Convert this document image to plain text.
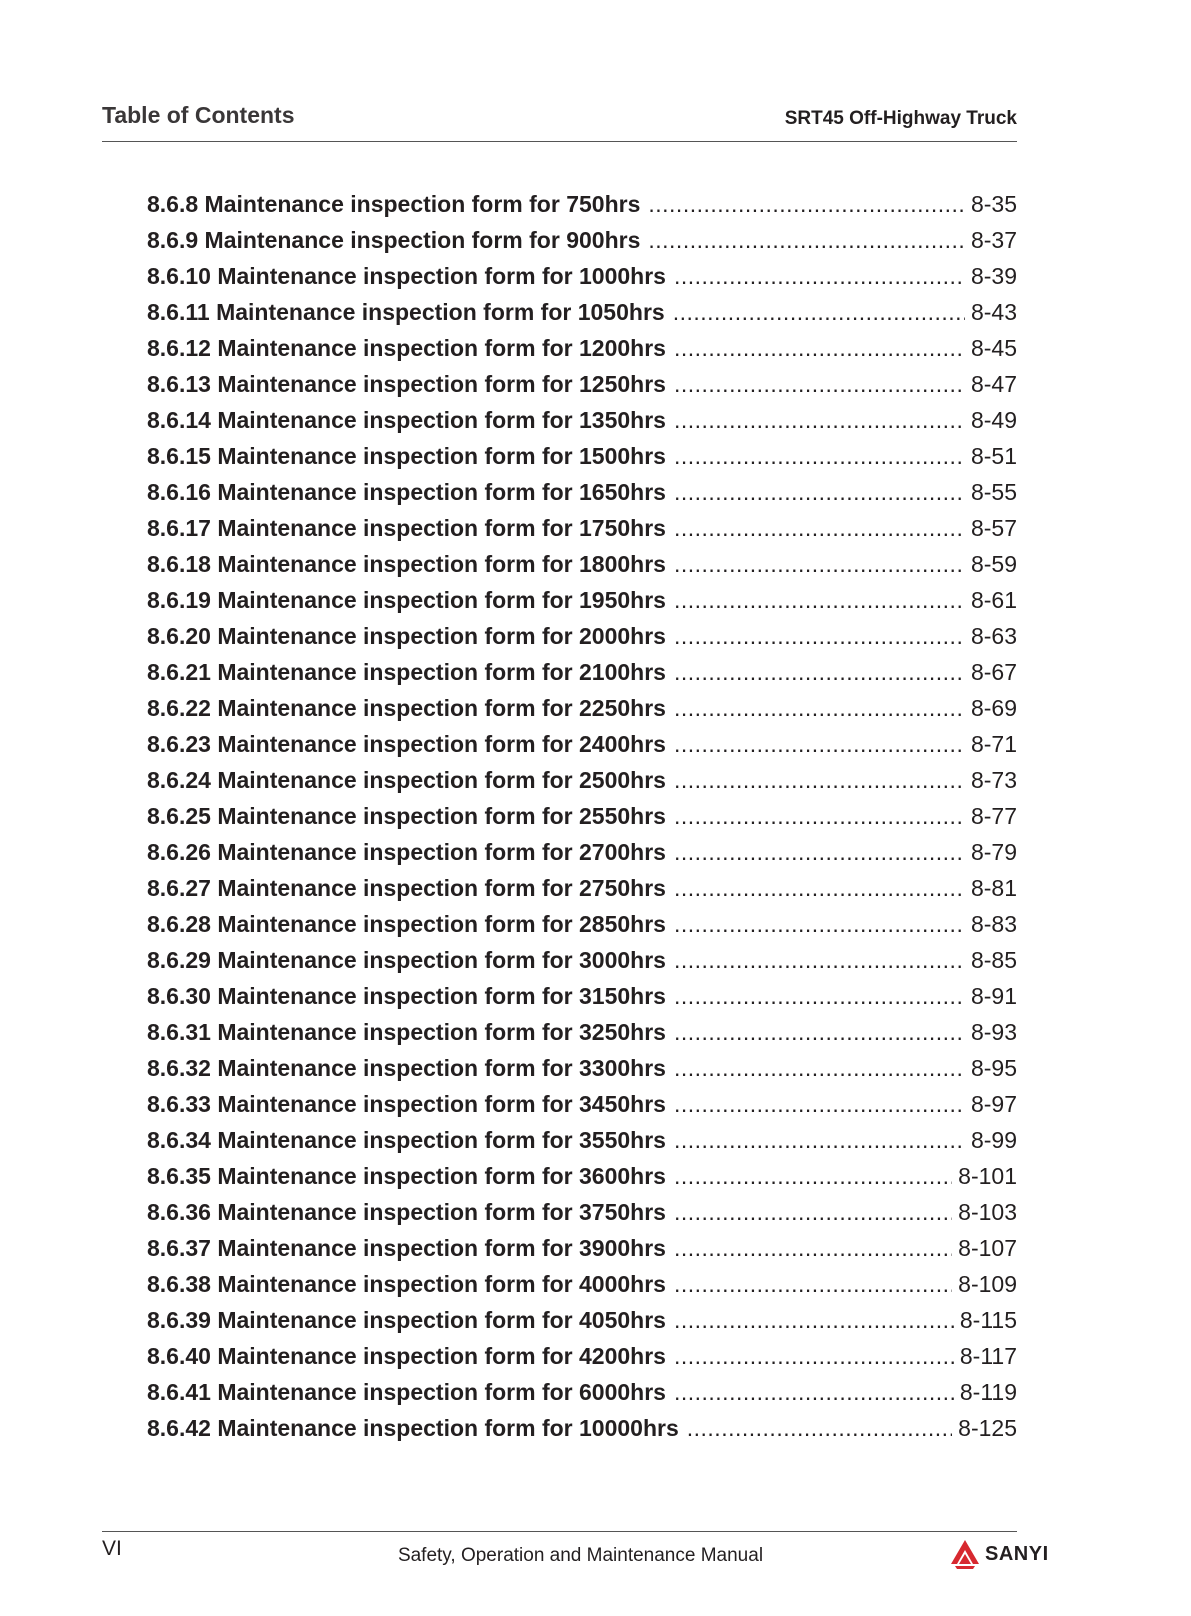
Table of Contents	SRT45 Off-Highway Truck
8.6.8 Maintenance inspection form for 750hrs .....	8-35
8.6.9 Maintenance inspection form for 900hrs .....	8-37
8.6.10 Maintenance inspection form for 1000hrs .....	8-39
8.6.11 Maintenance inspection form for 1050hrs .....	8-43
8.6.12 Maintenance inspection form for 1200hrs .....	8-45
8.6.13 Maintenance inspection form for 1250hrs .....	8-47
8.6.14 Maintenance inspection form for 1350hrs .....	8-49
8.6.15 Maintenance inspection form for 1500hrs .....	8-51
8.6.16 Maintenance inspection form for 1650hrs .....	8-55
8.6.17 Maintenance inspection form for 1750hrs .....	8-57
8.6.18 Maintenance inspection form for 1800hrs .....	8-59
8.6.19 Maintenance inspection form for 1950hrs .....	8-61
8.6.20 Maintenance inspection form for 2000hrs .....	8-63
8.6.21 Maintenance inspection form for 2100hrs .....	8-67
8.6.22 Maintenance inspection form for 2250hrs .....	8-69
8.6.23 Maintenance inspection form for 2400hrs .....	8-71
8.6.24 Maintenance inspection form for 2500hrs .....	8-73
8.6.25 Maintenance inspection form for 2550hrs .....	8-77
8.6.26 Maintenance inspection form for 2700hrs .....	8-79
8.6.27 Maintenance inspection form for 2750hrs .....	8-81
8.6.28 Maintenance inspection form for 2850hrs .....	8-83
8.6.29 Maintenance inspection form for 3000hrs .....	8-85
8.6.30 Maintenance inspection form for 3150hrs .....	8-91
8.6.31 Maintenance inspection form for 3250hrs .....	8-93
8.6.32 Maintenance inspection form for 3300hrs .....	8-95
8.6.33 Maintenance inspection form for 3450hrs .....	8-97
8.6.34 Maintenance inspection form for 3550hrs .....	8-99
8.6.35 Maintenance inspection form for 3600hrs .....	8-101
8.6.36 Maintenance inspection form for 3750hrs .....	8-103
8.6.37 Maintenance inspection form for 3900hrs .....	8-107
8.6.38 Maintenance inspection form for 4000hrs .....	8-109
8.6.39 Maintenance inspection form for 4050hrs .....	8-115
8.6.40 Maintenance inspection form for 4200hrs .....	8-117
8.6.41 Maintenance inspection form for 6000hrs .....	8-119
8.6.42 Maintenance inspection form for 10000hrs .....	8-125
VI	Safety, Operation and Maintenance Manual	SANYI
